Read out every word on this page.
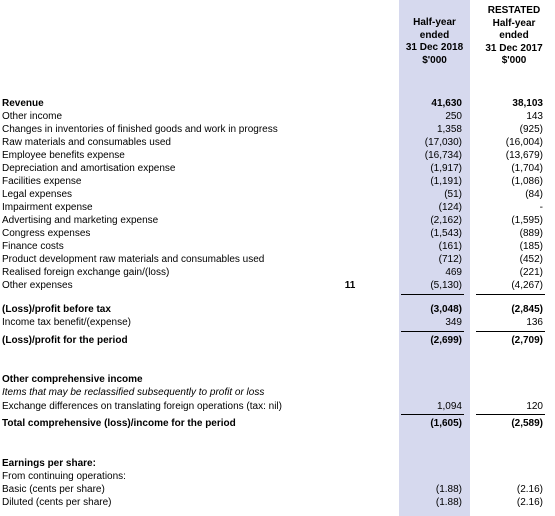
Half-year
ended
31 Dec 2018
$'000
RESTATED
Half-year
ended
31 Dec 2017
$'000
Revenue	41,630	38,103
Other income	250	143
Changes in inventories of finished goods and work in progress	1,358	(925)
Raw materials and consumables used	(17,030)	(16,004)
Employee benefits expense	(16,734)	(13,679)
Depreciation and amortisation expense	(1,917)	(1,704)
Facilities expense	(1,191)	(1,086)
Legal expenses	(51)	(84)
Impairment expense	(124)	-
Advertising and marketing expense	(2,162)	(1,595)
Congress expenses	(1,543)	(889)
Finance costs	(161)	(185)
Product development raw materials and consumables used	(712)	(452)
Realised foreign exchange gain/(loss)	469	(221)
Other expenses	11	(5,130)	(4,267)
(Loss)/profit before tax	(3,048)	(2,845)
Income tax benefit/(expense)	349	136
(Loss)/profit for the period	(2,699)	(2,709)
Other comprehensive income
Items that may be reclassified subsequently to profit or loss
Exchange differences on translating foreign operations (tax: nil)	1,094	120
Total comprehensive (loss)/income for the period	(1,605)	(2,589)
Earnings per share:
From continuing operations:
Basic (cents per share)	(1.88)	(2.16)
Diluted (cents per share)	(1.88)	(2.16)
